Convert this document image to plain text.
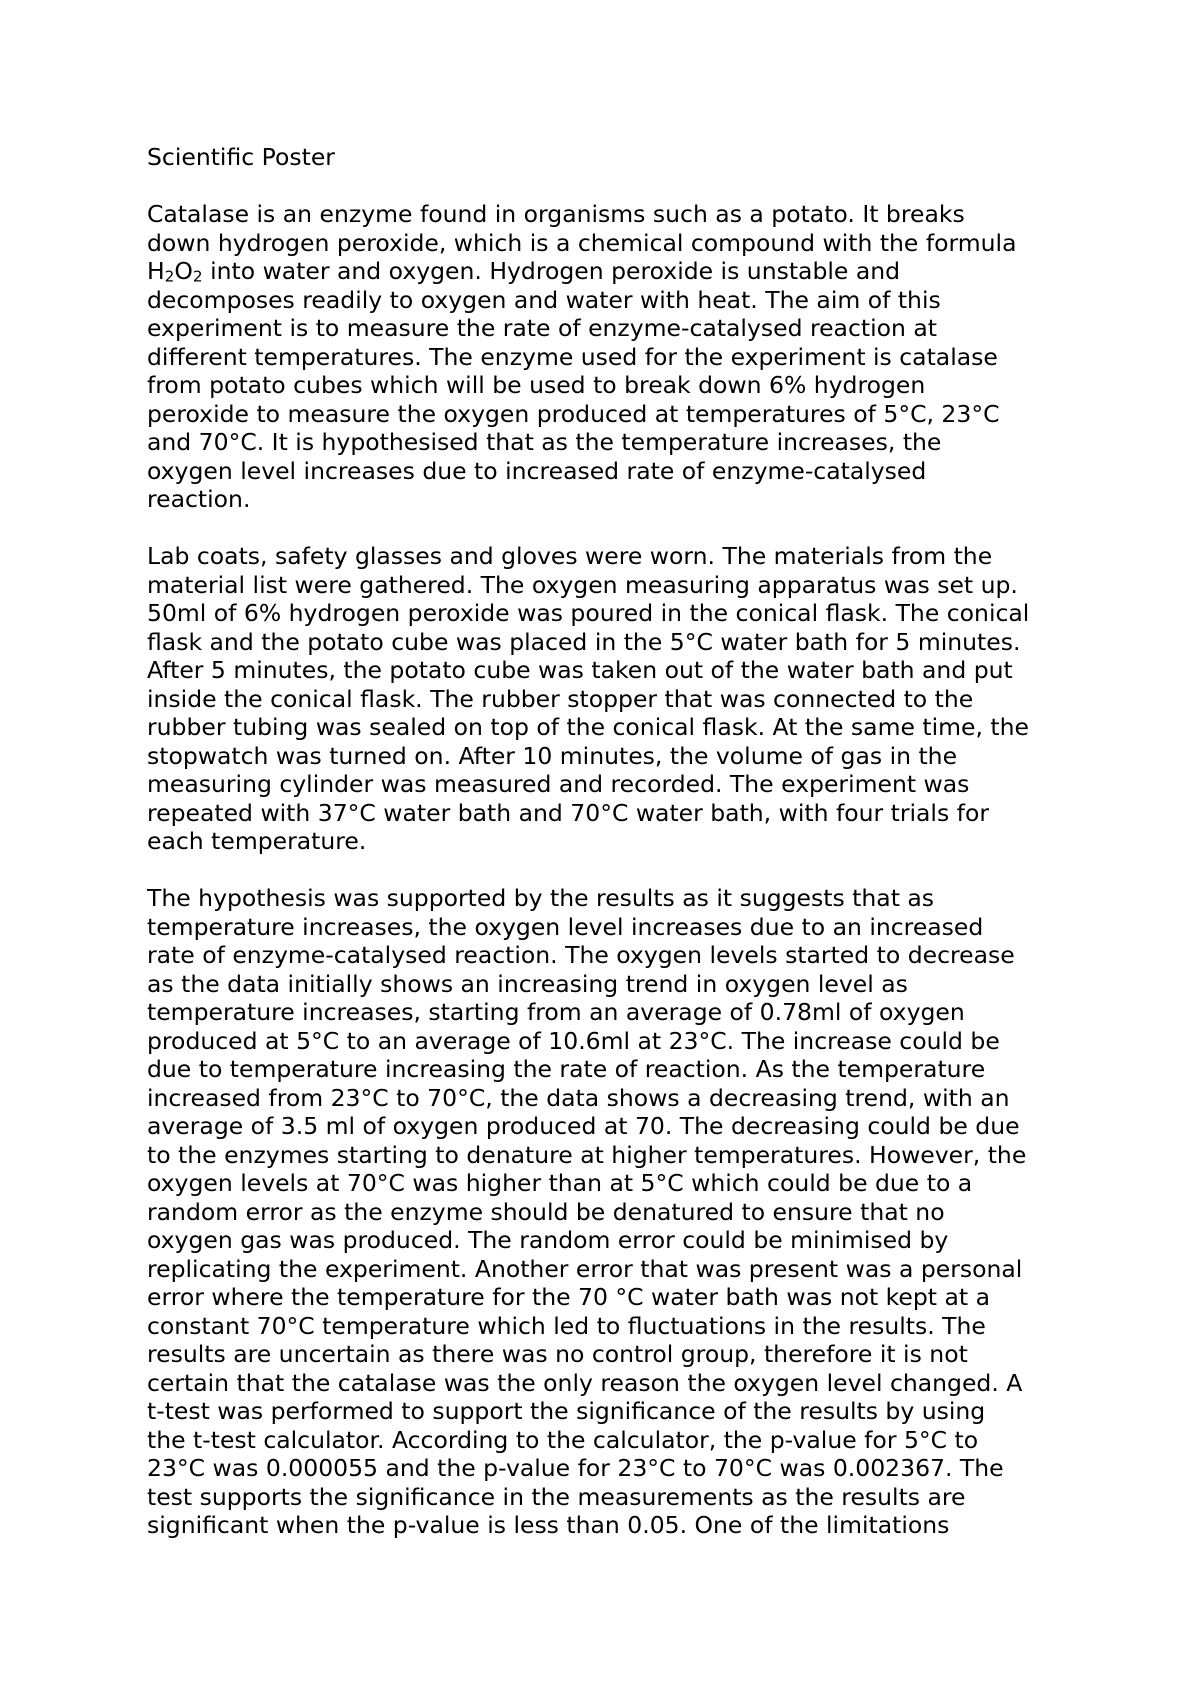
Scientific Poster

Catalase is an enzyme found in organisms such as a potato. It breaks
down hydrogen peroxide, which is a chemical compound with the formula
$H_2O_2$ into water and oxygen. Hydrogen peroxide is unstable and
decomposes readily to oxygen and water with heat. The aim of this
experiment is to measure the rate of enzyme-catalysed reaction at
different temperatures. The enzyme used for the experiment is catalase
from potato cubes which will be used to break down 6% hydrogen
peroxide to measure the oxygen produced at temperatures of 5°C, 23°C
and 70°C. It is hypothesised that as the temperature increases, the
oxygen level increases due to increased rate of enzyme-catalysed
reaction.

Lab coats, safety glasses and gloves were worn. The materials from the
material list were gathered. The oxygen measuring apparatus was set up.
50ml of 6% hydrogen peroxide was poured in the conical flask. The conical
flask and the potato cube was placed in the 5°C water bath for 5 minutes.
After 5 minutes, the potato cube was taken out of the water bath and put
inside the conical flask. The rubber stopper that was connected to the
rubber tubing was sealed on top of the conical flask. At the same time, the
stopwatch was turned on. After 10 minutes, the volume of gas in the
measuring cylinder was measured and recorded. The experiment was
repeated with 37°C water bath and 70°C water bath, with four trials for
each temperature.

The hypothesis was supported by the results as it suggests that as
temperature increases, the oxygen level increases due to an increased
rate of enzyme-catalysed reaction. The oxygen levels started to decrease
as the data initially shows an increasing trend in oxygen level as
temperature increases, starting from an average of 0.78ml of oxygen
produced at 5°C to an average of 10.6ml at 23°C. The increase could be
due to temperature increasing the rate of reaction. As the temperature
increased from 23°C to 70°C, the data shows a decreasing trend, with an
average of 3.5 ml of oxygen produced at 70. The decreasing could be due
to the enzymes starting to denature at higher temperatures. However, the
oxygen levels at 70°C was higher than at 5°C which could be due to a
random error as the enzyme should be denatured to ensure that no
oxygen gas was produced. The random error could be minimised by
replicating the experiment. Another error that was present was a personal
error where the temperature for the 70 °C water bath was not kept at a
constant 70°C temperature which led to fluctuations in the results. The
results are uncertain as there was no control group, therefore it is not
certain that the catalase was the only reason the oxygen level changed. A
t-test was performed to support the significance of the results by using
the t-test calculator. According to the calculator, the p-value for 5°C to
23°C was 0.000055 and the p-value for 23°C to 70°C was 0.002367. The
test supports the significance in the measurements as the results are
significant when the p-value is less than 0.05. One of the limitations
